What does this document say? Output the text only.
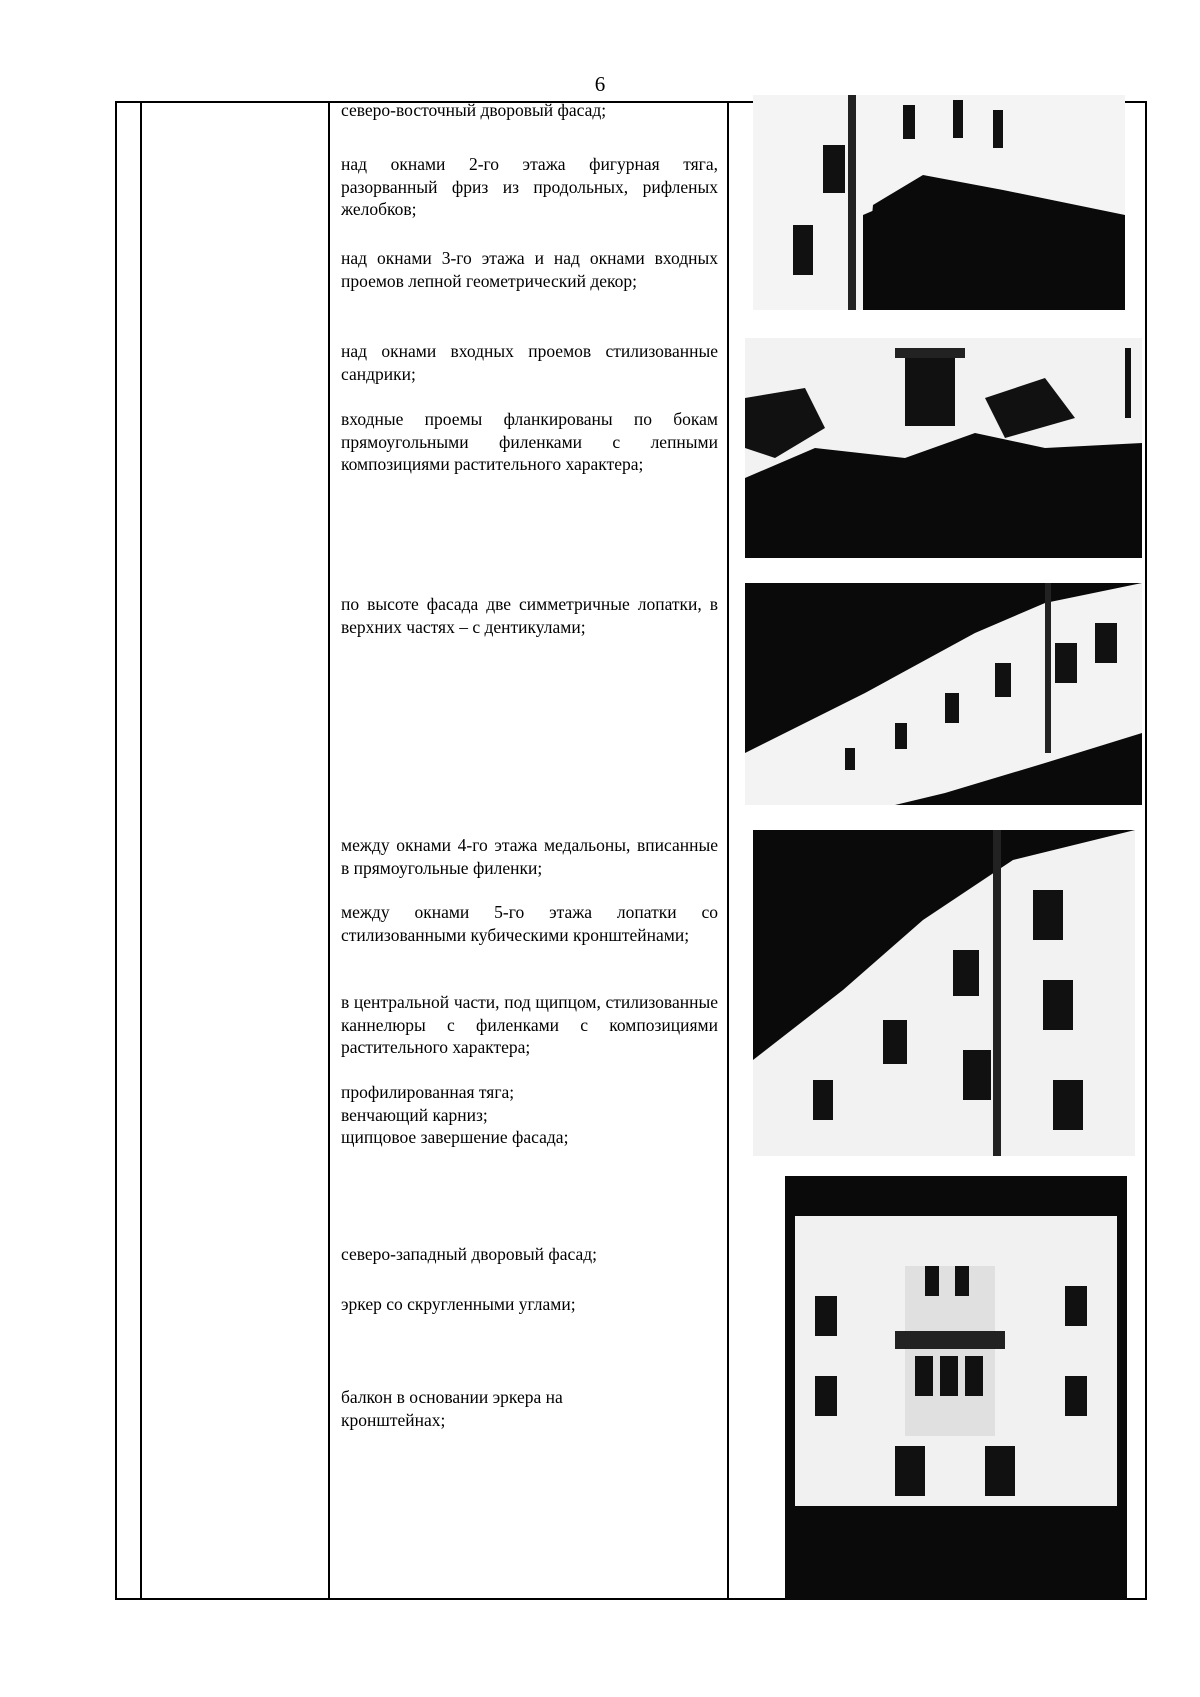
6
северо-восточный дворовый фасад;
над окнами 2-го этажа фигурная тяга, разорванный фриз из продольных, рифленых желобков;
над окнами 3-го этажа и над окнами входных проемов лепной геометрический декор;
над окнами входных проемов стилизованные сандрики;
входные проемы фланкированы по бокам прямоугольными филенками с лепными композициями растительного характера;
по высоте фасада две симметричные лопатки, в верхних частях – с дентикулами;
между окнами 4-го этажа медальоны, вписанные в прямоугольные филенки;
между окнами 5-го этажа лопатки со стилизованными кубическими кронштейнами;
в центральной части, под щипцом, стилизованные каннелюры с филенками с композициями растительного характера;
профилированная тяга;
венчающий карниз;
щипцовое завершение фасада;
северо-западный дворовый фасад;
эркер со скругленными углами;
балкон в основании эркера на
кронштейнах;
